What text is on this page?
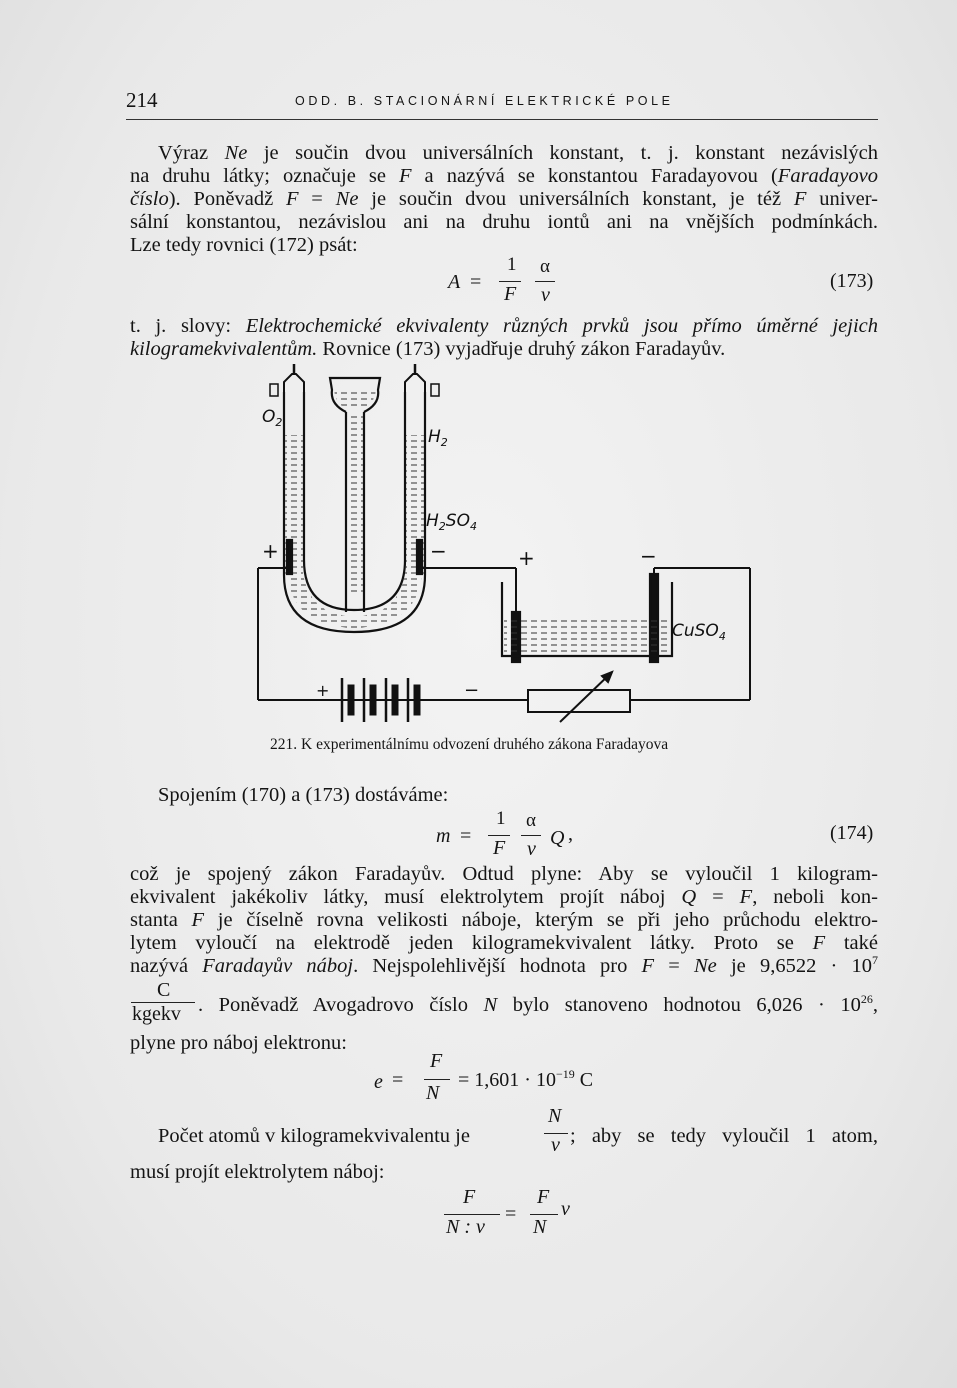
214	ODD. B. STACIONÁRNÍ ELEKTRICKÉ POLE
Výraz Ne je součin dvou universálních konstant, t. j. konstant nezávislých
na druhu látky; označuje se F a nazývá se konstantou Faradayovou (Faradayovo
číslo). Poněvadž F = Ne je součin dvou universálních konstant, je též F univer-
sální konstantou, nezávislou ani na druhu iontů ani na vnějších podmínkách.
Lze tedy rovnici (172) psát:
A =
1
F
α
v
(173)
t. j. slovy: Elektrochemické ekvivalenty různých prvků jsou přímo úměrné jejich
kilogramekvivalentům. Rovnice (173) vyjadřuje druhý zákon Faradayův.
$O_2$
$H_2$
$H_2SO_4$
CuSO$_4$
+	−	+	−
+	−
221. K experimentálnímu odvození druhého zákona Faradayova
Spojením (170) a (173) dostáváme:
m =
1
F
α
v Q ,	(174)
což je spojený zákon Faradayův. Odtud plyne: Aby se vyloučil 1 kilogram-
ekvivalent jakékoliv látky, musí elektrolytem projít náboj Q = F, neboli kon-
stanta F je číselně rovna velikosti náboje, kterým se při jeho průchodu elektro-
lytem vyloučí na elektrodě jeden kilogramekvivalent látky. Proto se F také
nazývá Faradayův náboj. Nejspolehlivější hodnota pro F = Ne je $9,6522 \cdot 10^7$
C
kgekv . Poněvadž Avogadrovo číslo N bylo stanoveno hodnotou $6,026 \cdot 10^{26}$,
plyne pro náboj elektronu:
e =
F
N
= $1,601 \cdot 10^{-19}$ C
Počet atomů v kilogramekvivalentu je
N
v ; aby se tedy vyloučil 1 atom,
musí projít elektrolytem náboj:
F
N : v
=
F
N
v
